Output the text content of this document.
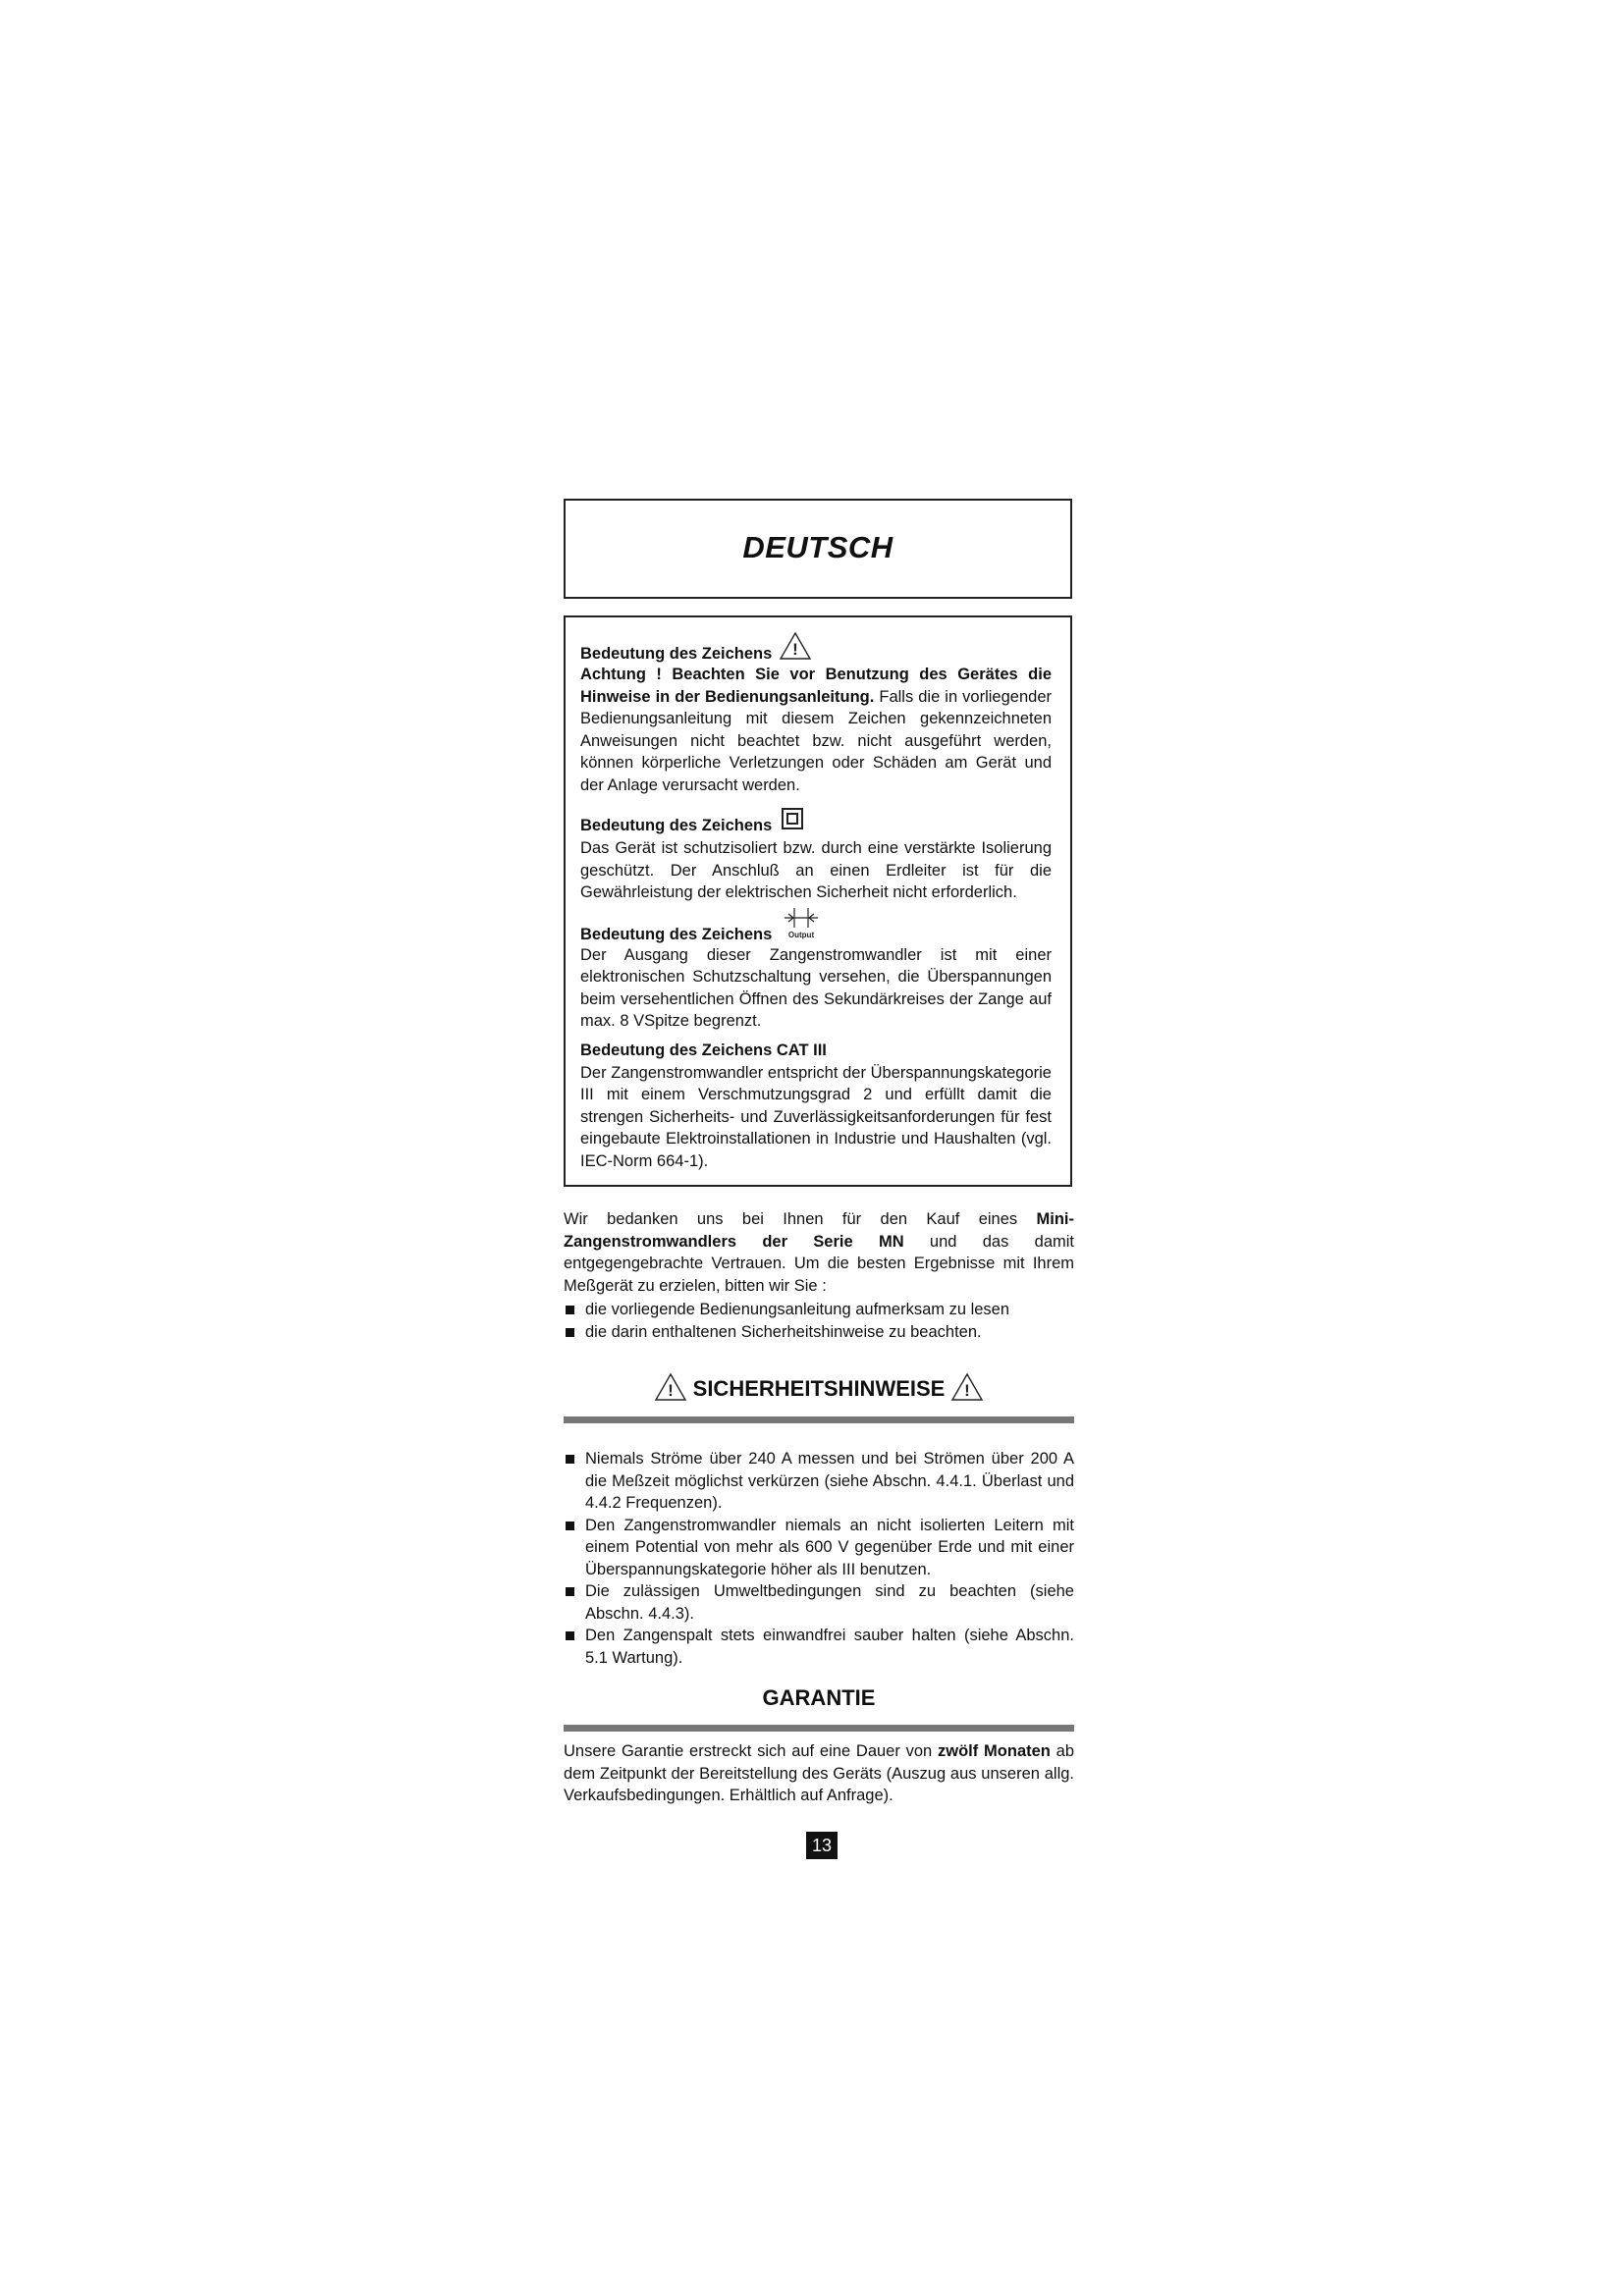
DEUTSCH
Bedeutung des Zeichens !

Achtung ! Beachten Sie vor Benutzung des Gerätes die Hinweise in der Bedienungsanleitung. Falls die in vorliegender Bedienungsanleitung mit diesem Zeichen gekennzeichneten Anweisungen nicht beachtet bzw. nicht ausgeführt werden, können körperliche Verletzungen oder Schäden am Gerät und der Anlage verursacht werden.

Bedeutung des Zeichens

Das Gerät ist schutzisoliert bzw. durch eine verstärkte Isolierung geschützt. Der Anschluß an einen Erdleiter ist für die Gewährleistung der elektrischen Sicherheit nicht erforderlich.

Bedeutung des Zeichens Output

Der Ausgang dieser Zangenstromwandler ist mit einer elektronischen Schutzschaltung versehen, die Überspannungen beim versehentlichen Öffnen des Sekundärkreises der Zange auf max. 8 VSpitze begrenzt.

Bedeutung des Zeichens CAT III

Der Zangenstromwandler entspricht der Überspannungskategorie III mit einem Verschmutzungsgrad 2 und erfüllt damit die strengen Sicherheits- und Zuverlässigkeitsanforderungen für fest eingebaute Elektroinstallationen in Industrie und Haushalten (vgl. IEC-Norm 664-1).

Wir bedanken uns bei Ihnen für den Kauf eines Mini-Zangenstromwandlers der Serie MN und das damit entgegengebrachte Vertrauen. Um die besten Ergebnisse mit Ihrem Meßgerät zu erzielen, bitten wir Sie :

die vorliegende Bedienungsanleitung aufmerksam zu lesen
die darin enthaltenen Sicherheitshinweise zu beachten.
! SICHERHEITSHINWEISE !
Niemals Ströme über 240 A messen und bei Strömen über 200 A die Meßzeit möglichst verkürzen (siehe Abschn. 4.4.1. Überlast und 4.4.2 Frequenzen).
Den Zangenstromwandler niemals an nicht isolierten Leitern mit einem Potential von mehr als 600 V gegenüber Erde und mit einer Überspannungskategorie höher als III benutzen.
Die zulässigen Umweltbedingungen sind zu beachten (siehe Abschn. 4.4.3).
Den Zangenspalt stets einwandfrei sauber halten (siehe Abschn. 5.1 Wartung).
GARANTIE

Unsere Garantie erstreckt sich auf eine Dauer von zwölf Monaten ab dem Zeitpunkt der Bereitstellung des Geräts (Auszug aus unseren allg. Verkaufsbedingungen. Erhältlich auf Anfrage).

13
